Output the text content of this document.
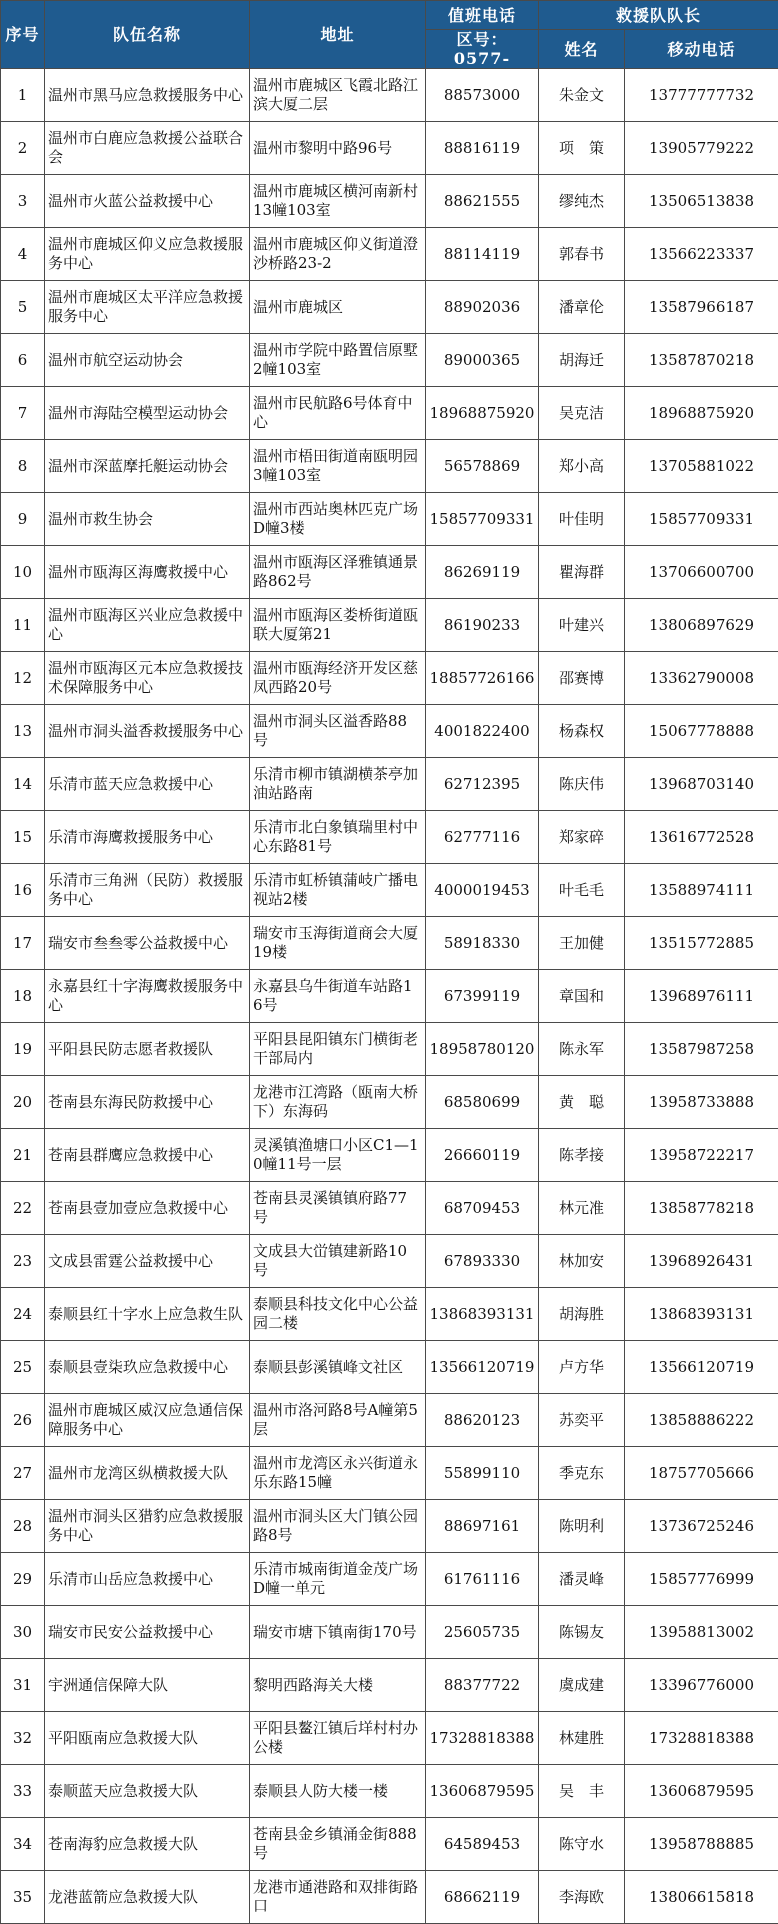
序号	队伍名称	地址	值班电话	救援队队长	
			区号：0577-	姓名	移动电话
1	温州市黑马应急救援服务中心	温州市鹿城区飞霞北路江滨大厦二层	88573000	朱金文	13777777732
2	温州市白鹿应急救援公益联合会	温州市黎明中路96号	88816119	项　策	13905779222
3	温州市火蓝公益救援中心	温州市鹿城区横河南新村13幢103室	88621555	缪纯杰	13506513838
4	温州市鹿城区仰义应急救援服务中心	温州市鹿城区仰义街道澄沙桥路23-2	88114119	郭春书	13566223337
5	温州市鹿城区太平洋应急救援服务中心	温州市鹿城区	88902036	潘章伦	13587966187
6	温州市航空运动协会	温州市学院中路置信原墅2幢103室	89000365	胡海迁	13587870218
7	温州市海陆空模型运动协会	温州市民航路6号体育中心	18968875920	吴克洁	18968875920
8	温州市深蓝摩托艇运动协会	温州市梧田街道南瓯明园3幢103室	56578869	郑小高	13705881022
9	温州市救生协会	温州市西站奥林匹克广场D幢3楼	15857709331	叶佳明	15857709331
10	温州市瓯海区海鹰救援中心	温州市瓯海区泽雅镇通景路862号	86269119	瞿海群	13706600700
11	温州市瓯海区兴业应急救援中心	温州市瓯海区娄桥街道瓯联大厦第21	86190233	叶建兴	13806897629
12	温州市瓯海区元本应急救援技术保障服务中心	温州市瓯海经济开发区慈凤西路20号	18857726166	邵赛博	13362790008
13	温州市洞头溢香救援服务中心	温州市洞头区溢香路88号	4001822400	杨森权	15067778888
14	乐清市蓝天应急救援中心	乐清市柳市镇湖横茶亭加油站路南	62712395	陈庆伟	13968703140
15	乐清市海鹰救援服务中心	乐清市北白象镇瑞里村中心东路81号	62777116	郑家碎	13616772528
16	乐清市三角洲（民防）救援服务中心	乐清市虹桥镇蒲岐广播电视站2楼	4000019453	叶毛毛	13588974111
17	瑞安市叁叁零公益救援中心	瑞安市玉海街道商会大厦19楼	58918330	王加健	13515772885
18	永嘉县红十字海鹰救援服务中心	永嘉县乌牛街道车站路16号	67399119	章国和	13968976111
19	平阳县民防志愿者救援队	平阳县昆阳镇东门横街老干部局内	18958780120	陈永军	13587987258
20	苍南县东海民防救援中心	龙港市江湾路（瓯南大桥下）东海码	68580699	黄　聪	13958733888
21	苍南县群鹰应急救援中心	灵溪镇渔塘口小区C1—10幢11号一层	26660119	陈孝接	13958722217
22	苍南县壹加壹应急救援中心	苍南县灵溪镇镇府路77号	68709453	林元准	13858778218
23	文成县雷霆公益救援中心	文成县大峃镇建新路10号	67893330	林加安	13968926431
24	泰顺县红十字水上应急救生队	泰顺县科技文化中心公益园二楼	13868393131	胡海胜	13868393131
25	泰顺县壹柒玖应急救援中心	泰顺县彭溪镇峰文社区	13566120719	卢方华	13566120719
26	温州市鹿城区威汉应急通信保障服务中心	温州市洛河路8号A幢第5层	88620123	苏奕平	13858886222
27	温州市龙湾区纵横救援大队	温州市龙湾区永兴街道永乐东路15幢	55899110	季克东	18757705666
28	温州市洞头区猎豹应急救援服务中心	温州市洞头区大门镇公园路8号	88697161	陈明利	13736725246
29	乐清市山岳应急救援中心	乐清市城南街道金茂广场D幢一单元	61761116	潘灵峰	15857776999
30	瑞安市民安公益救援中心	瑞安市塘下镇南街170号	25605735	陈锡友	13958813002
31	宇洲通信保障大队	黎明西路海关大楼	88377722	虞成建	13396776000
32	平阳瓯南应急救援大队	平阳县鳌江镇后垟村村办公楼	17328818388	林建胜	17328818388
33	泰顺蓝天应急救援大队	泰顺县人防大楼一楼	13606879595	吴　丰	13606879595
34	苍南海豹应急救援大队	苍南县金乡镇涌金街888号	64589453	陈守水	13958788885
35	龙港蓝箭应急救援大队	龙港市通港路和双排街路口	68662119	李海欧	13806615818
